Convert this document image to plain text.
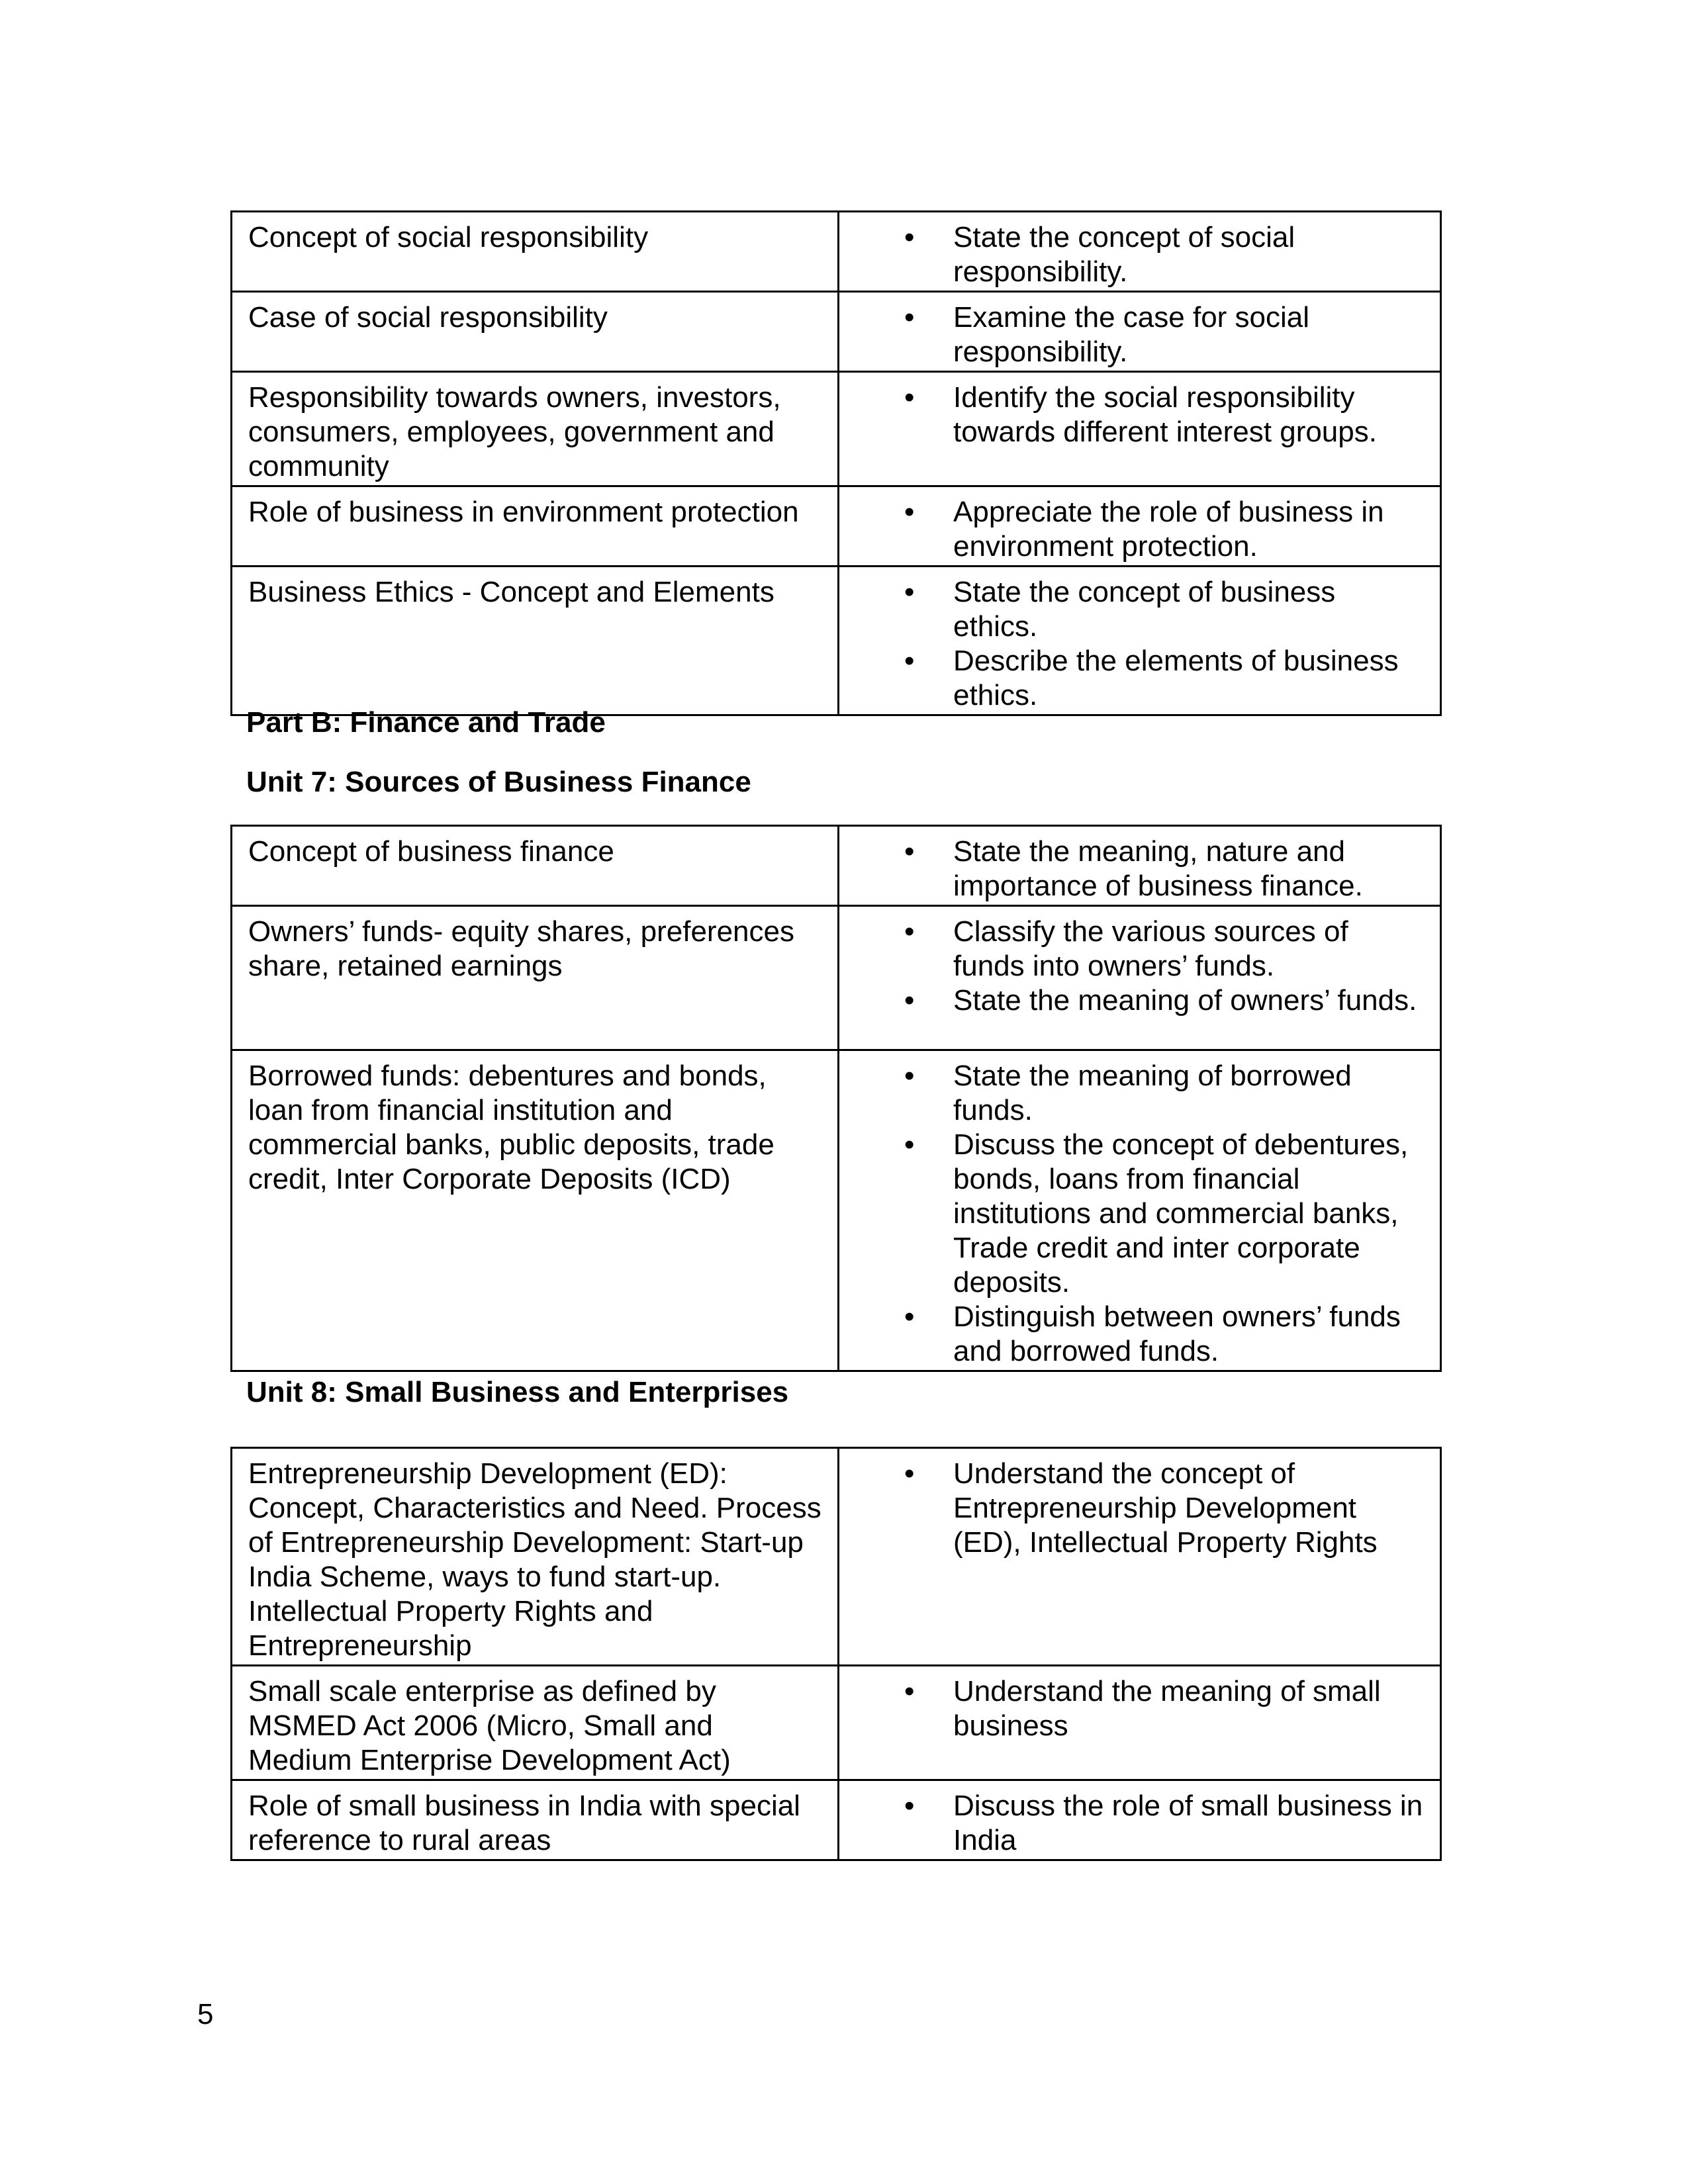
Concept of social responsibility	
•State the concept of social responsibility.

Case of social responsibility	
•Examine the case for social responsibility.

Responsibility towards owners, investors, consumers, employees, government and community	
• Identify the social responsibility towards different interest groups.

Role of business in environment protection	
•Appreciate the role of business in environment protection.

Business Ethics - Concept and Elements	
•State the concept of business ethics.
• Describe the elements of business ethics.
Part B: Finance and Trade
Unit 7: Sources of Business Finance
Concept of business finance	
•State the meaning, nature and importance of business finance.

Owners’ funds- equity shares, preferences share, retained earnings	
• Classify the various sources of funds into owners’ funds.
• State the meaning of owners’ funds.

Borrowed funds: debentures and bonds, loan from financial institution and commercial banks, public deposits, trade credit, Inter Corporate Deposits (ICD)	
• State the meaning of borrowed funds.
• Discuss the concept of debentures, bonds, loans from financial institutions and commercial banks, Trade credit and inter corporate deposits.
• Distinguish between owners’ funds and borrowed funds.
Unit 8: Small Business and Enterprises
Entrepreneurship Development (ED): Concept, Characteristics and Need. Process of Entrepreneurship Development: Start-up India Scheme, ways to fund start-up. Intellectual Property Rights and Entrepreneurship	
• Understand the concept of Entrepreneurship Development (ED), Intellectual Property Rights

Small scale enterprise as defined by MSMED Act 2006 (Micro, Small and Medium Enterprise Development Act)	
• Understand the meaning of small business

Role of small business in India with special reference to rural areas	
• Discuss the role of small business in India
5
